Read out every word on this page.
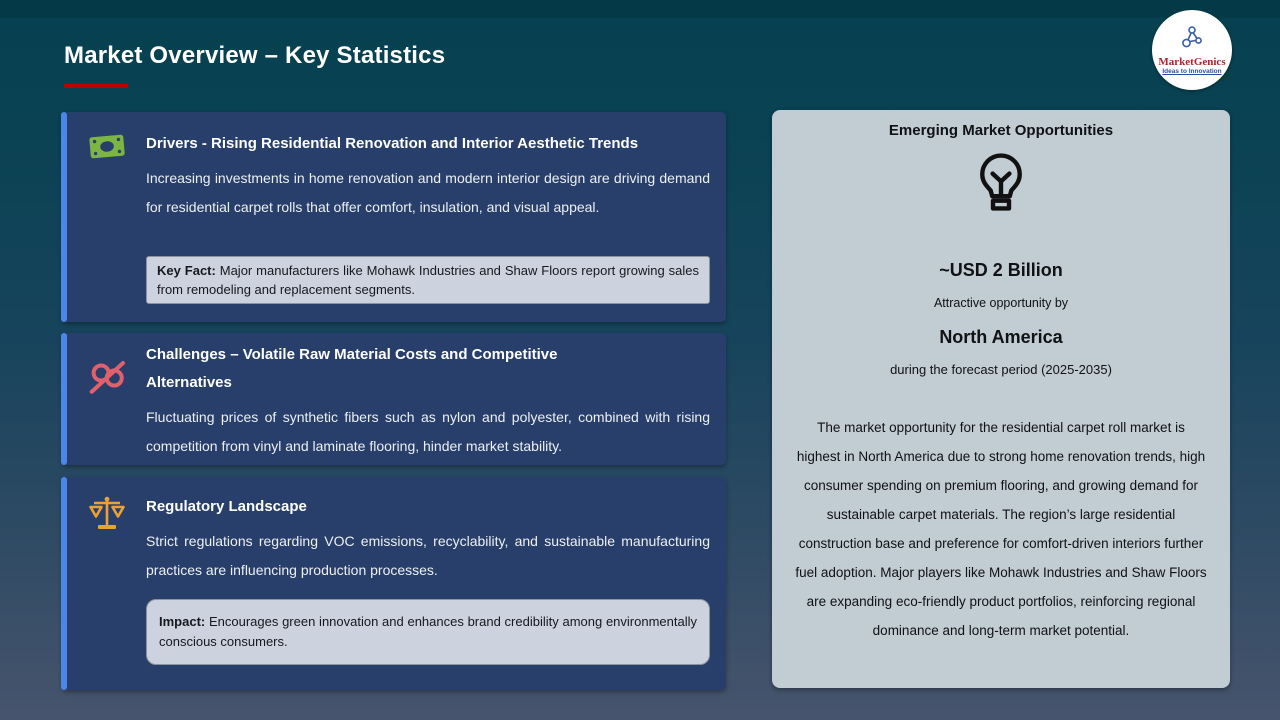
Market Overview – Key Statistics	MarketGenics
Ideas to Innovation
Drivers - Rising Residential Renovation and Interior Aesthetic Trends

Increasing investments in home renovation and modern interior design are driving demand for residential carpet rolls that offer comfort, insulation, and visual appeal.

Key Fact: Major manufacturers like Mohawk Industries and Shaw Floors report growing sales from remodeling and replacement segments.
Challenges – Volatile Raw Material Costs and Competitive Alternatives

Fluctuating prices of synthetic fibers such as nylon and polyester, combined with rising competition from vinyl and laminate flooring, hinder market stability.

Regulatory Landscape

Strict regulations regarding VOC emissions, recyclability, and sustainable manufacturing practices are influencing production processes.

Impact: Encourages green innovation and enhances brand credibility among environmentally conscious consumers.
Emerging Market Opportunities
~USD 2 Billion
Attractive opportunity by
North America
during the forecast period (2025-2035)

The market opportunity for the residential carpet roll market is highest in North America due to strong home renovation trends, high consumer spending on premium flooring, and growing demand for sustainable carpet materials. The region’s large residential construction base and preference for comfort-driven interiors further fuel adoption. Major players like Mohawk Industries and Shaw Floors are expanding eco-friendly product portfolios, reinforcing regional dominance and long-term market potential.
